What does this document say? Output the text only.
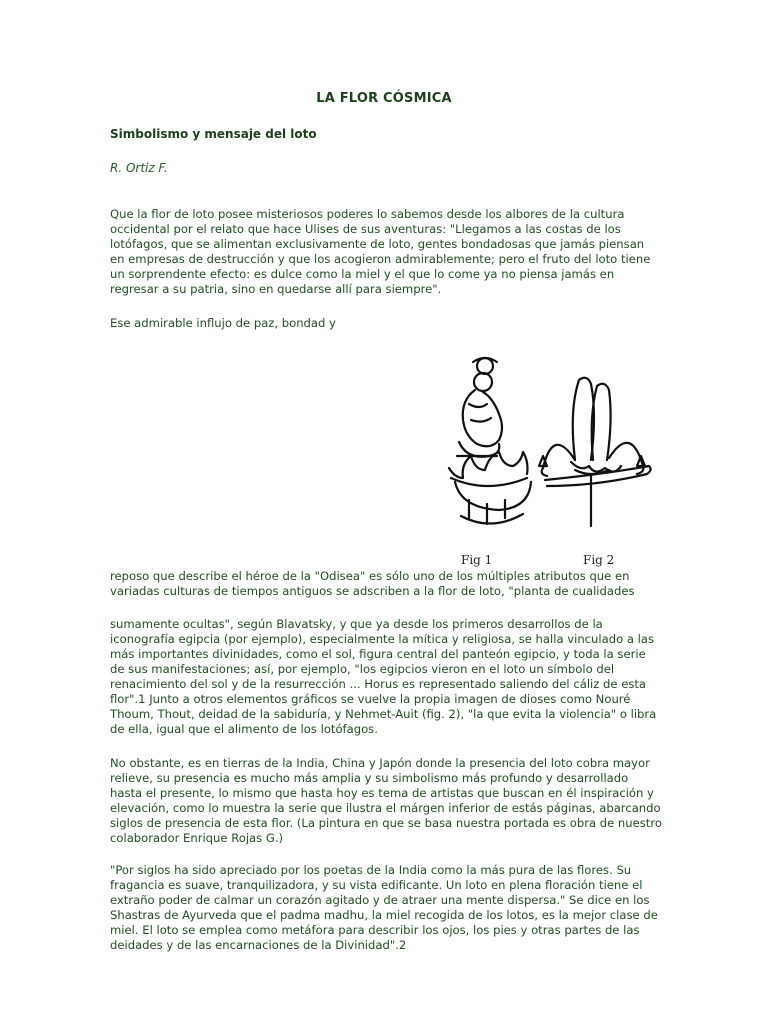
LA FLOR CÓSMICA
Simbolismo y mensaje del loto
R. Ortiz F.

Que la flor de loto posee misteriosos poderes lo sabemos desde los albores de la cultura occidental por el relato que hace Ulises de sus aventuras: "Llegamos a las costas de los lotófagos, que se alimentan exclusivamente de loto, gentes bondadosas que jamás piensan en empresas de destrucción y que los acogieron admirablemente; pero el fruto del loto tiene un sorprendente efecto: es dulce como la miel y el que lo come ya no piensa jamás en regresar a su patria, sino en quedarse allí para siempre".

Ese admirable influjo de paz, bondad y

Fig 1	Fig 2

reposo que describe el héroe de la "Odisea" es sólo uno de los múltiples atributos que en variadas culturas de tiempos antiguos se adscriben a la flor de loto, "planta de cualidades

sumamente ocultas", según Blavatsky, y que ya desde los primeros desarrollos de la iconografía egipcia (por ejemplo), especialmente la mítica y religiosa, se halla vinculado a las más importantes divinidades, como el sol, figura central del panteón egipcio, y toda la serie de sus manifestaciones; así, por ejemplo, "los egipcios vieron en el loto un símbolo del renacimiento del sol y de la resurrección ... Horus es representado saliendo del cáliz de esta flor".1 Junto a otros elementos gráficos se vuelve la propia imagen de dioses como Nouré Thoum, Thout, deidad de la sabiduría, y Nehmet-Auit (fig. 2), "la que evita la violencia" o libra de ella, igual que el alimento de los lotófagos.

No obstante, es en tierras de la India, China y Japón donde la presencia del loto cobra mayor relieve, su presencia es mucho más amplia y su simbolismo más profundo y desarrollado hasta el presente, lo mismo que hasta hoy es tema de artistas que buscan en él inspiración y elevación, como lo muestra la serie que ilustra el márgen inferior de estás páginas, abarcando siglos de presencia de esta flor. (La pintura en que se basa nuestra portada es obra de nuestro colaborador Enrique Rojas G.)

"Por siglos ha sido apreciado por los poetas de la India como la más pura de las flores. Su fragancia es suave, tranquilizadora, y su vista edificante. Un loto en plena floración tiene el extraño poder de calmar un corazón agitado y de atraer una mente dispersa." Se dice en los Shastras de Ayurveda que el padma madhu, la miel recogida de los lotos, es la mejor clase de miel. El loto se emplea como metáfora para describir los ojos, los pies y otras partes de las deidades y de las encarnaciones de la Divinidad".2
